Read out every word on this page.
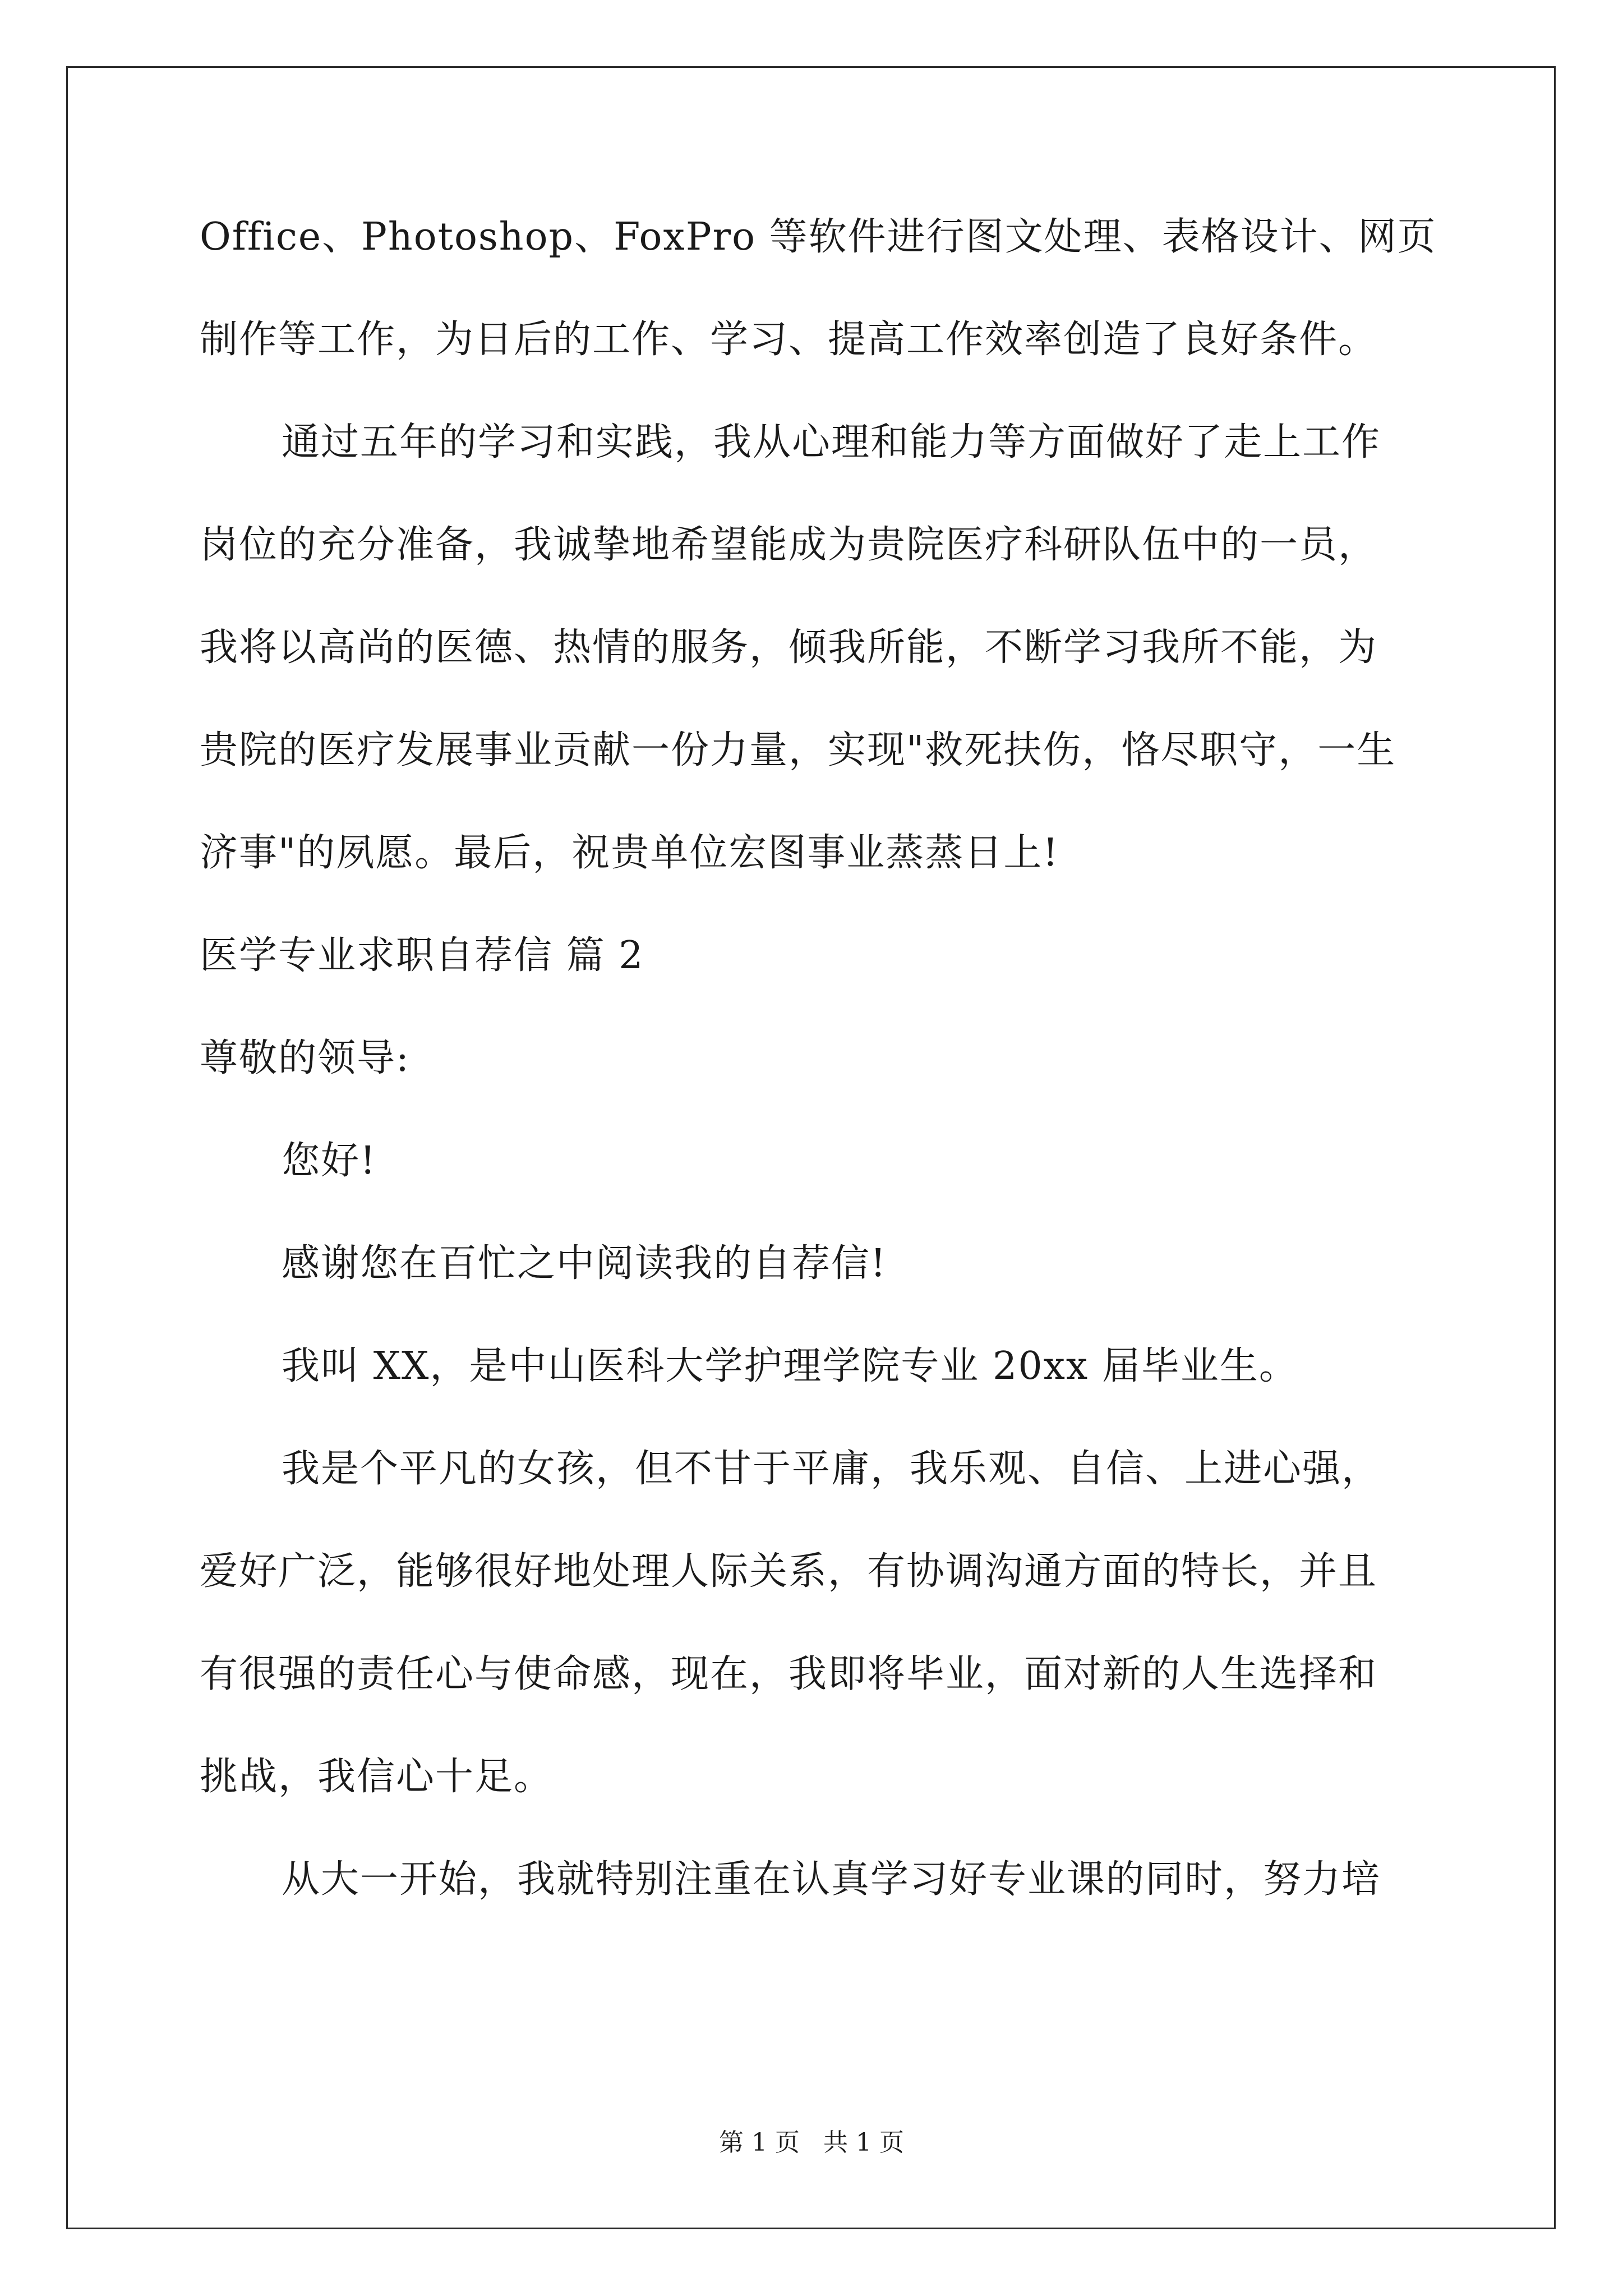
Office、Photoshop、FoxPro 等软件进行图文处理、表格设计、网页
制作等工作，为日后的工作、学习、提高工作效率创造了良好条件。
通过五年的学习和实践，我从心理和能力等方面做好了走上工作
岗位的充分准备，我诚挚地希望能成为贵院医疗科研队伍中的一员，
我将以高尚的医德、热情的服务，倾我所能，不断学习我所不能，为
贵院的医疗发展事业贡献一份力量，实现"救死扶伤，恪尽职守，一生
济事"的夙愿。最后，祝贵单位宏图事业蒸蒸日上!
医学专业求职自荐信 篇 2
尊敬的领导:
您好!
感谢您在百忙之中阅读我的自荐信!
我叫 XX，是中山医科大学护理学院专业 20xx 届毕业生。
我是个平凡的女孩，但不甘于平庸，我乐观、自信、上进心强，
爱好广泛，能够很好地处理人际关系，有协调沟通方面的特长，并且
有很强的责任心与使命感，现在，我即将毕业，面对新的人生选择和
挑战，我信心十足。
从大一开始，我就特别注重在认真学习好专业课的同时，努力培
第 1 页   共 1 页
